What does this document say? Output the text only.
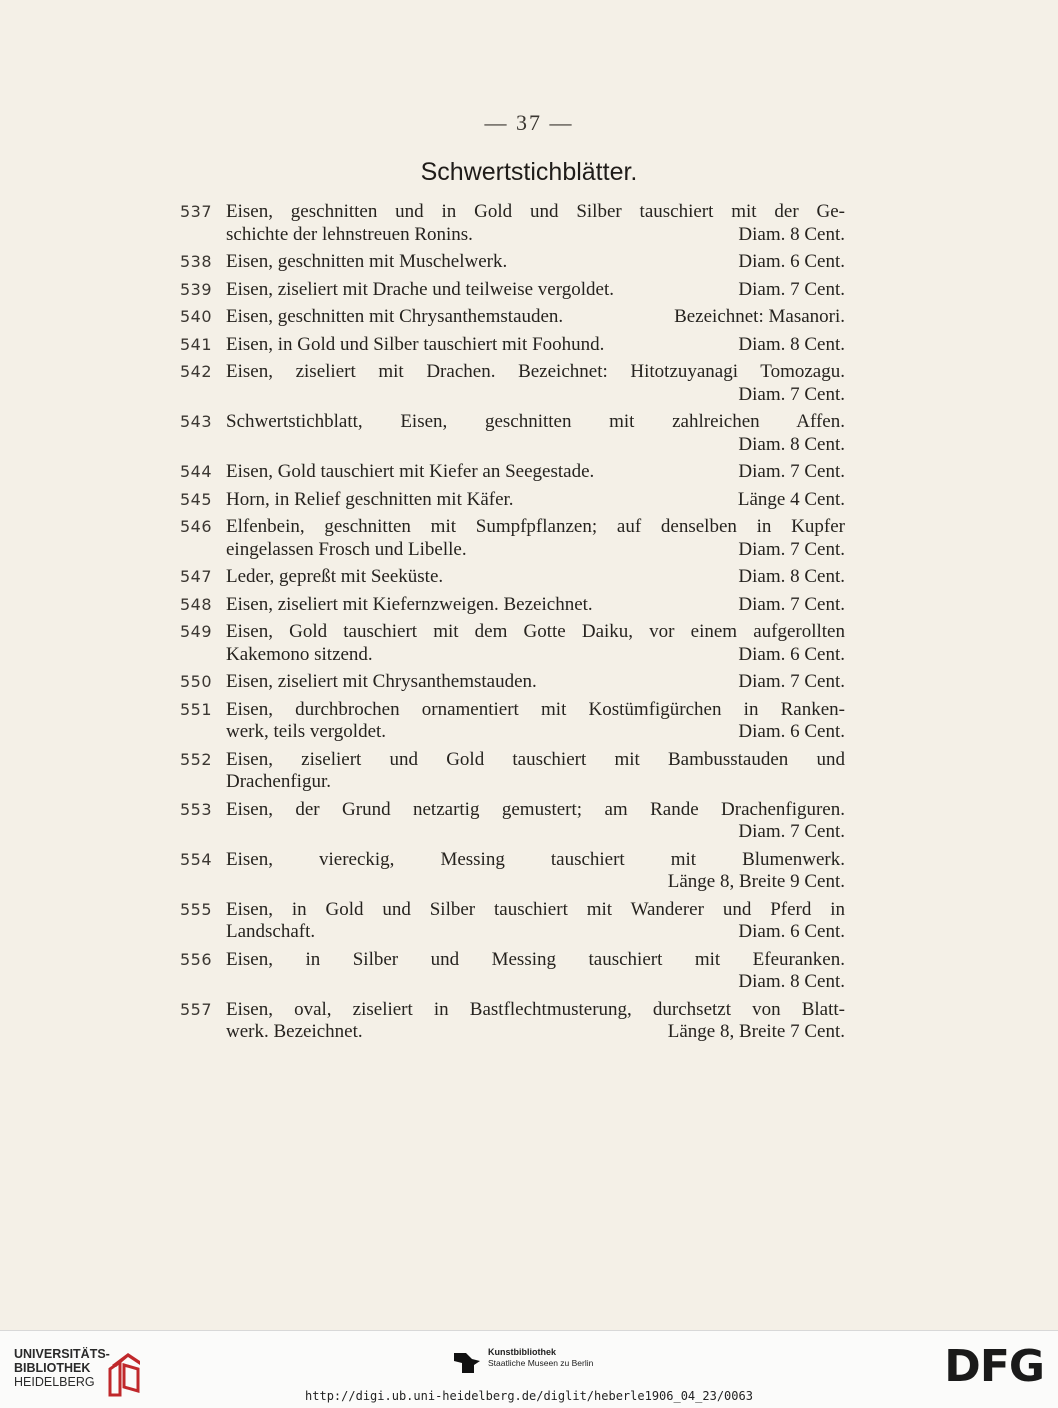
— 37 —
Schwertstichblätter.
537 Eisen, geschnitten und in Gold und Silber tauschiert mit der Ge-
schichte der lehnstreuen Ronins.	Diam. 8 Cent.
538 Eisen, geschnitten mit Muschelwerk.	Diam. 6 Cent.
539 Eisen, ziseliert mit Drache und teilweise vergoldet.	Diam. 7 Cent.
540 Eisen, geschnitten mit Chrysanthemstauden.	Bezeichnet: Masanori.
541 Eisen, in Gold und Silber tauschiert mit Foohund.	Diam. 8 Cent.
542 Eisen, ziseliert mit Drachen. Bezeichnet: Hitotzuyanagi Tomozagu.
Diam. 7 Cent.
543 Schwertstichblatt, Eisen, geschnitten mit zahlreichen Affen.
Diam. 8 Cent.
544 Eisen, Gold tauschiert mit Kiefer an Seegestade.	Diam. 7 Cent.
545 Horn, in Relief geschnitten mit Käfer.	Länge 4 Cent.
546 Elfenbein, geschnitten mit Sumpfpflanzen; auf denselben in Kupfer
eingelassen Frosch und Libelle.	Diam. 7 Cent.
547 Leder, gepreßt mit Seeküste.	Diam. 8 Cent.
548 Eisen, ziseliert mit Kiefernzweigen. Bezeichnet.	Diam. 7 Cent.
549 Eisen, Gold tauschiert mit dem Gotte Daiku, vor einem aufgerollten
Kakemono sitzend.	Diam. 6 Cent.
550 Eisen, ziseliert mit Chrysanthemstauden.	Diam. 7 Cent.
551 Eisen, durchbrochen ornamentiert mit Kostümfigürchen in Ranken-
werk, teils vergoldet.	Diam. 6 Cent.
552 Eisen, ziseliert und Gold tauschiert mit Bambusstauden und
Drachenfigur.
553 Eisen, der Grund netzartig gemustert; am Rande Drachenfiguren.
Diam. 7 Cent.
554 Eisen, viereckig, Messing tauschiert mit Blumenwerk.
Länge 8, Breite 9 Cent.
555 Eisen, in Gold und Silber tauschiert mit Wanderer und Pferd in
Landschaft.	Diam. 6 Cent.
556 Eisen, in Silber und Messing tauschiert mit Efeuranken.
Diam. 8 Cent.
557 Eisen, oval, ziseliert in Bastflechtmusterung, durchsetzt von Blatt-
werk. Bezeichnet.	Länge 8, Breite 7 Cent.
UNIVERSITÄTS-
BIBLIOTHEK
HEIDELBERG
Kunstbibliothek
Staatliche Museen zu Berlin	DFG
http://digi.ub.uni-heidelberg.de/diglit/heberle1906_04_23/0063
